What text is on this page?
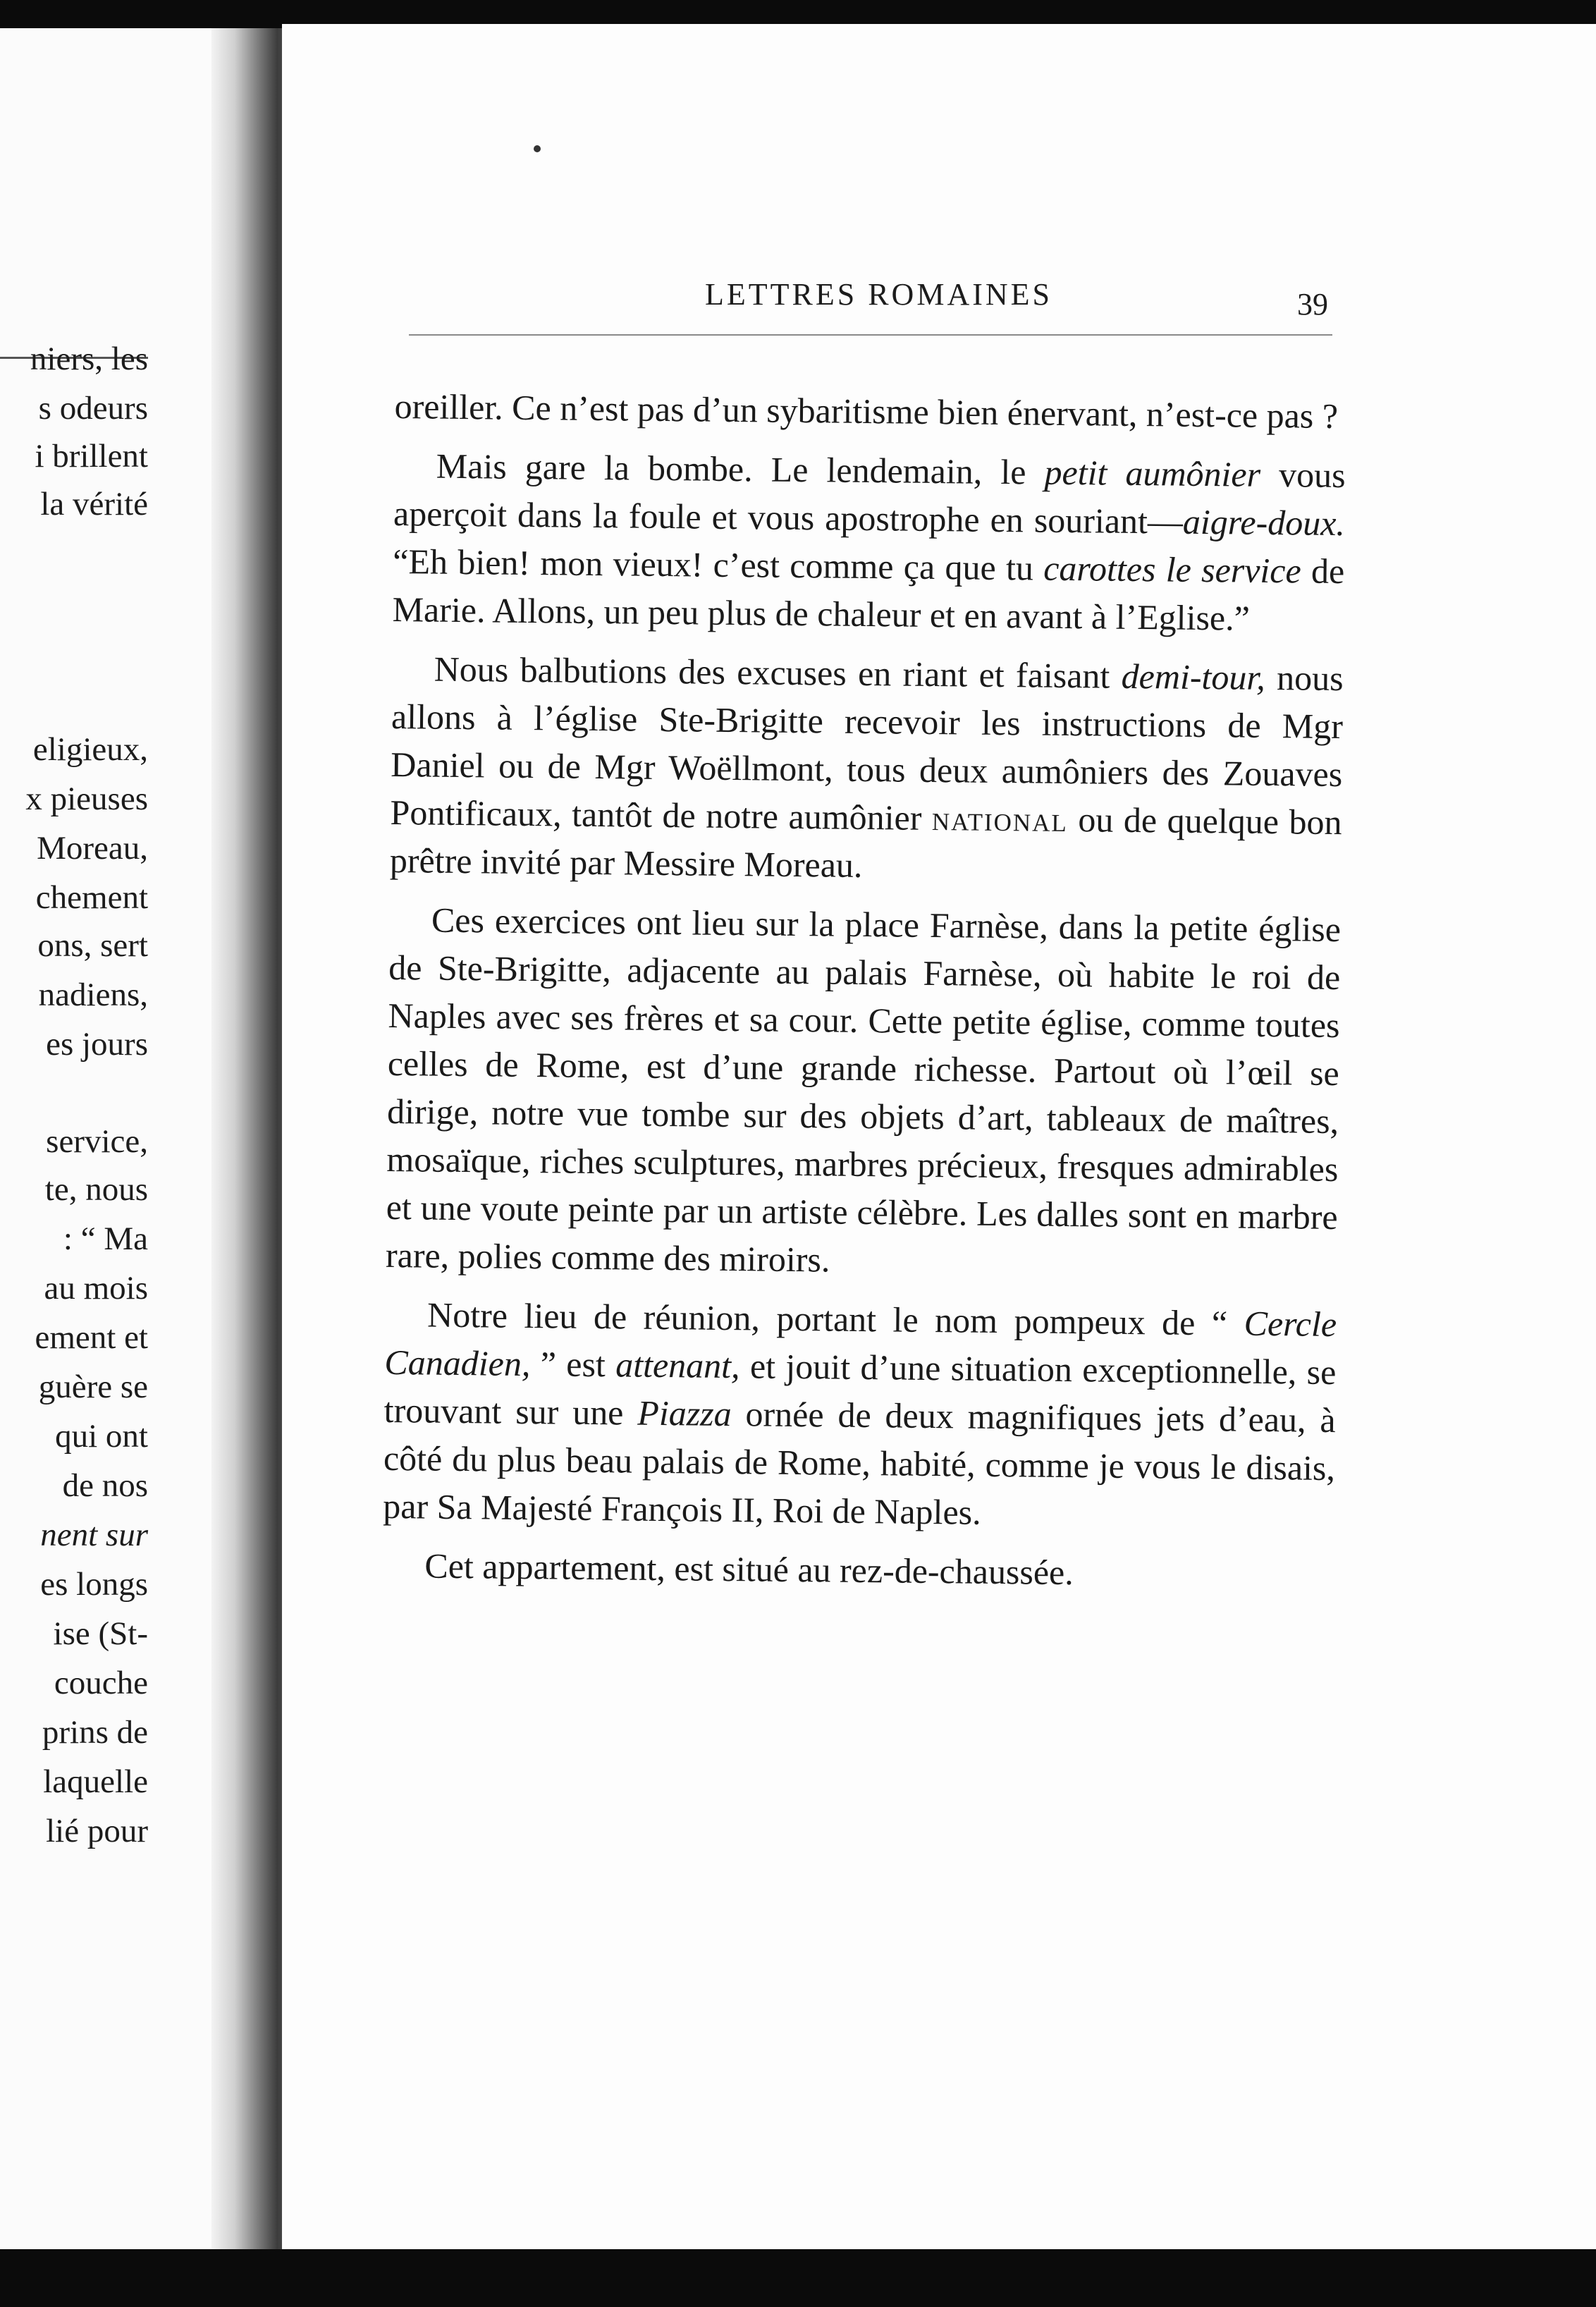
niers, les
s odeurs
i brillent
la vérité
eligieux,
x pieuses
Moreau,
chement
ons, sert
nadiens,
es jours
service,
te, nous
: “ Ma
au mois
ement et
guère se
qui ont
de nos
nent sur
es longs
ise (St-
couche
prins de
laquelle
lié pour
LETTRES ROMAINES	39

oreiller. Ce n’est pas d’un sybaritisme bien énervant, n’est-ce pas ?

Mais gare la bombe. Le lendemain, le petit aumônier vous aperçoit dans la foule et vous apostrophe en souriant—aigre-doux. “Eh bien! mon vieux! c’est comme ça que tu carottes le service de Marie. Allons, un peu plus de chaleur et en avant à l’Eglise.”

Nous balbutions des excuses en riant et faisant demi-tour, nous allons à l’église Ste-Brigitte recevoir les instructions de Mgr Daniel ou de Mgr Woëllmont, tous deux aumôniers des Zouaves Pontificaux, tantôt de notre aumônier national ou de quelque bon prêtre invité par Messire Moreau.

Ces exercices ont lieu sur la place Farnèse, dans la petite église de Ste-Brigitte, adjacente au palais Farnèse, où habite le roi de Naples avec ses frères et sa cour. Cette petite église, comme toutes celles de Rome, est d’une grande richesse. Partout où l’œil se dirige, notre vue tombe sur des objets d’art, tableaux de maîtres, mosaïque, riches sculptures, marbres précieux, fresques admirables et une voute peinte par un artiste célèbre. Les dalles sont en marbre rare, polies comme des miroirs.

Notre lieu de réunion, portant le nom pompeux de “ Cercle Canadien, ” est attenant, et jouit d’une situation exceptionnelle, se trouvant sur une Piazza ornée de deux magnifiques jets d’eau, à côté du plus beau palais de Rome, habité, comme je vous le disais, par Sa Majesté François II, Roi de Naples.

Cet appartement, est situé au rez-de-chaussée.
